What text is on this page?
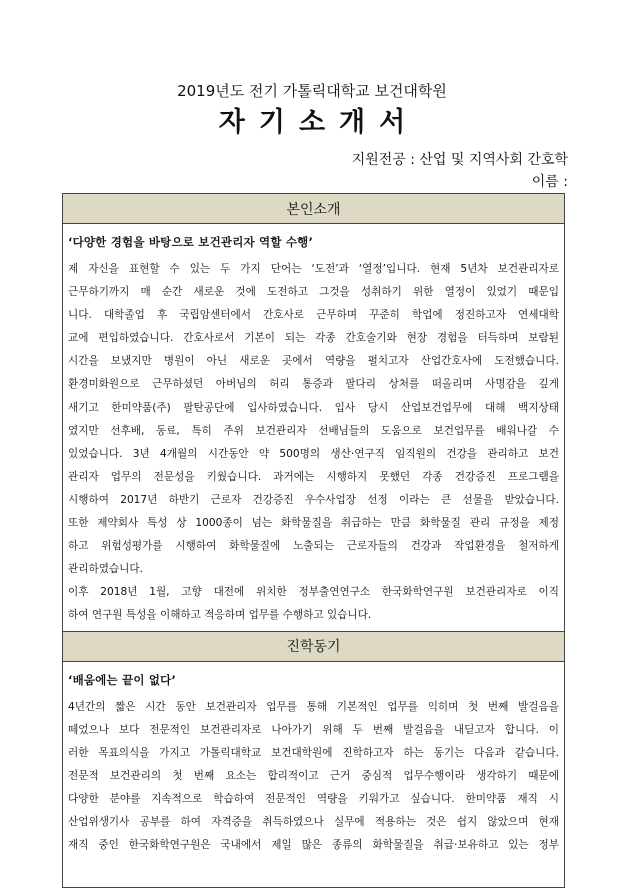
2019년도 전기 가톨릭대학교 보건대학원
자기소개서
지원전공 : 산업 및 지역사회 간호학
이름 :
본인소개
‘다양한 경험을 바탕으로 보건관리자 역할 수행’
제 자신을 표현할 수 있는 두 가지 단어는 ‘도전’과 ‘열정’입니다. 현재 5년차 보건관리자로
근무하기까지 매 순간 새로운 것에 도전하고 그것을 성취하기 위한 열정이 있었기 때문입
니다. 대학졸업 후 국립암센터에서 간호사로 근무하며 꾸준히 학업에 정진하고자 연세대학
교에 편입하였습니다. 간호사로서 기본이 되는 각종 간호술기와 현장 경험을 터득하며 보람된
시간을 보냈지만 병원이 아닌 새로운 곳에서 역량을 펼치고자 산업간호사에 도전했습니다.
환경미화원으로 근무하셨던 아버님의 허리 통증과 팔다리 상처를 떠올리며 사명감을 깊게
새기고 한미약품(주) 팔탄공단에 입사하였습니다. 입사 당시 산업보건업무에 대해 백지상태
였지만 선후배, 동료, 특히 주위 보건관리자 선배님들의 도움으로 보건업무를 배워나갈 수
있었습니다. 3년 4개월의 시간동안 약 500명의 생산·연구직 임직원의 건강을 관리하고 보건
관리자 업무의 전문성을 키웠습니다. 과거에는 시행하지 못했던 각종 건강증진 프로그램을
시행하여 2017년 하반기 근로자 건강증진 우수사업장 선정 이라는 큰 선물을 받았습니다.
또한 제약회사 특성 상 1000종이 넘는 화학물질을 취급하는 만큼 화학물질 관리 규정을 제정
하고 위험성평가를 시행하여 화학물질에 노출되는 근로자들의 건강과 작업환경을 철저하게
관리하였습니다.
이후 2018년 1월, 고향 대전에 위치한 정부출연연구소 한국화학연구원 보건관리자로 이직
하여 연구원 특성을 이해하고 적응하며 업무를 수행하고 있습니다.
진학동기
‘배움에는 끝이 없다’
4년간의 짧은 시간 동안 보건관리자 업무를 통해 기본적인 업무를 익히며 첫 번째 발걸음을
떼었으나 보다 전문적인 보건관리자로 나아가기 위해 두 번째 발걸음을 내딛고자 합니다. 이
러한 목표의식을 가지고 가톨릭대학교 보건대학원에 진학하고자 하는 동기는 다음과 같습니다.
전문적 보건관리의 첫 번째 요소는 합리적이고 근거 중심적 업무수행이라 생각하기 때문에
다양한 분야를 지속적으로 학습하여 전문적인 역량을 키워가고 싶습니다. 한미약품 재직 시
산업위생기사 공부를 하여 자격증을 취득하였으나 실무에 적용하는 것은 쉽지 않았으며 현재
재직 중인 한국화학연구원은 국내에서 제일 많은 종류의 화학물질을 취급·보유하고 있는 정부
